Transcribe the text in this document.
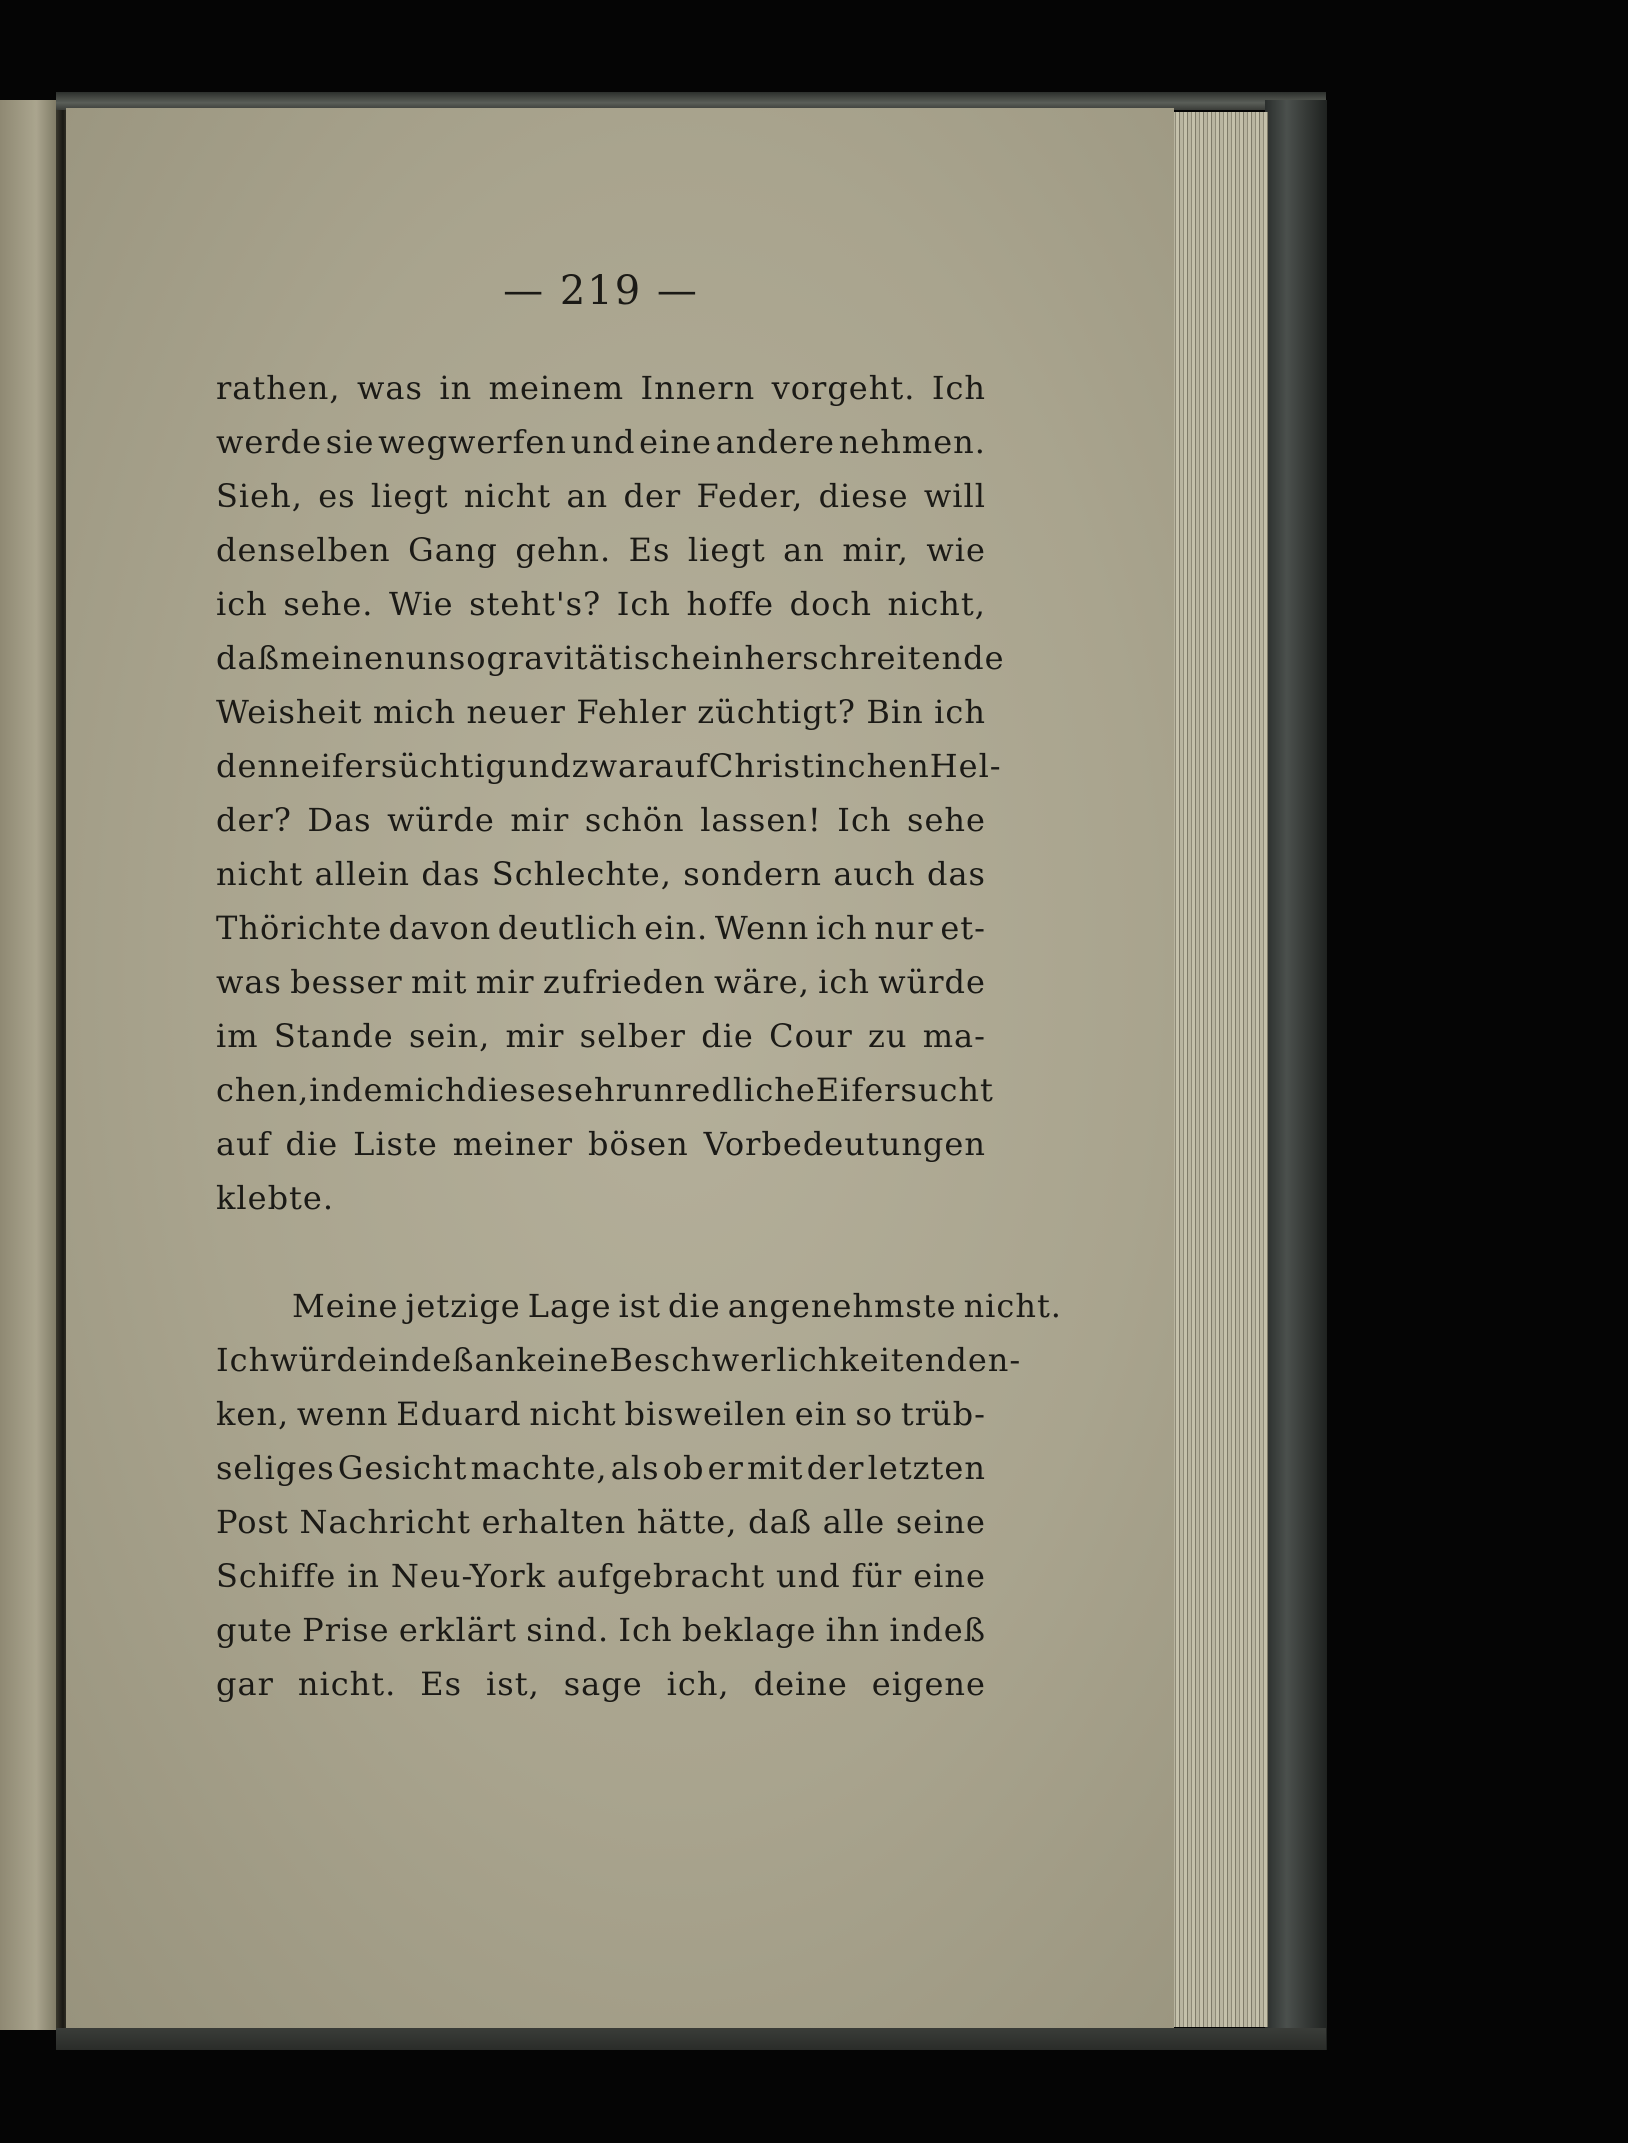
— 219 —
rathen, was in meinem Innern vorgeht. Ich
werde sie wegwerfen und eine andere nehmen.
Sieh, es liegt nicht an der Feder, diese will
denselben Gang gehn. Es liegt an mir, wie
ich sehe. Wie steht's? Ich hoffe doch nicht,
daß meine nun so gravitätisch einherschreitende
Weisheit mich neuer Fehler züchtigt? Bin ich
denn eifersüchtig und zwar auf Christinchen Hel-
der? Das würde mir schön lassen! Ich sehe
nicht allein das Schlechte, sondern auch das
Thörichte davon deutlich ein. Wenn ich nur et-
was besser mit mir zufrieden wäre, ich würde
im Stande sein, mir selber die Cour zu ma-
chen, indem ich diese sehr unredliche Eifersucht
auf die Liste meiner bösen Vorbedeutungen
klebte.
Meine jetzige Lage ist die angenehmste nicht.
Ich würde indeß an keine Beschwerlichkeiten den-
ken, wenn Eduard nicht bisweilen ein so trüb-
seliges Gesicht machte, als ob er mit der letzten
Post Nachricht erhalten hätte, daß alle seine
Schiffe in Neu-York aufgebracht und für eine
gute Prise erklärt sind. Ich beklage ihn indeß
gar nicht. Es ist, sage ich, deine eigene
